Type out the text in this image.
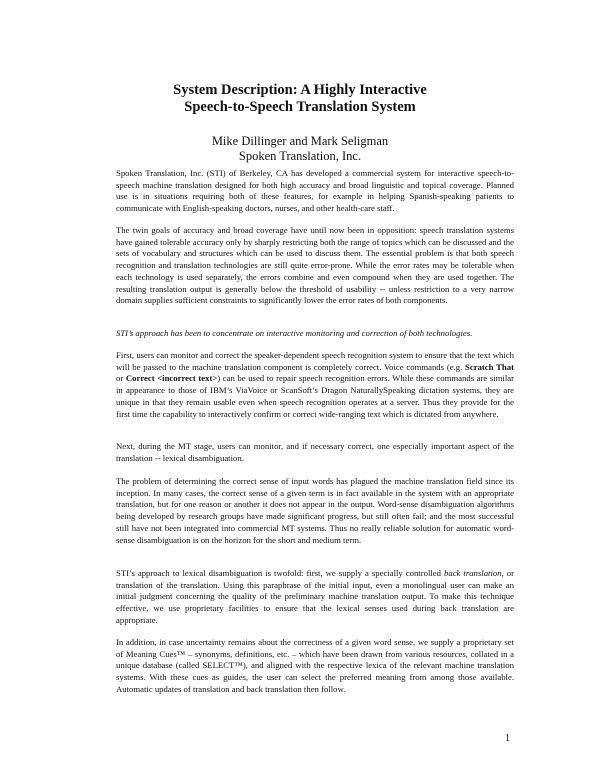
System Description: A Highly Interactive
Speech-to-Speech Translation System
Mike Dillinger and Mark Seligman
Spoken Translation, Inc.

Spoken Translation, Inc. (STI) of Berkeley, CA has developed a commercial system for interactive speech-to-speech machine translation designed for both high accuracy and broad linguistic and topical coverage. Planned use is in situations requiring both of these features, for example in helping Spanish-speaking patients to communicate with English-speaking doctors, nurses, and other health-care staff.

The twin goals of accuracy and broad coverage have until now been in opposition: speech translation systems have gained tolerable accuracy only by sharply restricting both the range of topics which can be discussed and the sets of vocabulary and structures which can be used to discuss them. The essential problem is that both speech recognition and translation technologies are still quite error-prone. While the error rates may be tolerable when each technology is used separately, the errors combine and even compound when they are used together. The resulting translation output is generally below the threshold of usability -- unless restriction to a very narrow domain supplies sufficient constraints to significantly lower the error rates of both components.

STI’s approach has been to concentrate on interactive monitoring and correction of both technologies.

First, users can monitor and correct the speaker-dependent speech recognition system to ensure that the text which will be passed to the machine translation component is completely correct. Voice commands (e.g. Scratch That or Correct <incorrect text>) can be used to repair speech recognition errors. While these commands are similar in appearance to those of IBM’s ViaVoice or ScanSoft’s Dragon NaturallySpeaking dictation systems, they are unique in that they remain usable even when speech recognition operates at a server. Thus they provide for the first time the capability to interactively confirm or correct wide-ranging text which is dictated from anywhere.

Next, during the MT stage, users can monitor, and if necessary correct, one especially important aspect of the translation -- lexical disambiguation.

The problem of determining the correct sense of input words has plagued the machine translation field since its inception. In many cases, the correct sense of a given term is in fact available in the system with an appropriate translation, but for one reason or another it does not appear in the output. Word-sense disambiguation algorithms being developed by research groups have made significant progress, but still often fail; and the most successful still have not been integrated into commercial MT systems. Thus no really reliable solution for automatic word-sense disambiguation is on the horizon for the short and medium term.

STI’s approach to lexical disambiguation is twofold: first, we supply a specially controlled back translation, or translation of the translation. Using this paraphrase of the initial input, even a monolingual user can make an initial judgment concerning the quality of the preliminary machine translation output. To make this technique effective, we use proprietary facilities to ensure that the lexical senses used during back translation are appropriate.

In addition, in case uncertainty remains about the correctness of a given word sense, we supply a proprietary set of Meaning Cues™ – synonyms, definitions, etc. – which have been drawn from various resources, collated in a unique database (called SELECT™), and aligned with the respective lexica of the relevant machine translation systems. With these cues as guides, the user can select the preferred meaning from among those available. Automatic updates of translation and back translation then follow.

1
